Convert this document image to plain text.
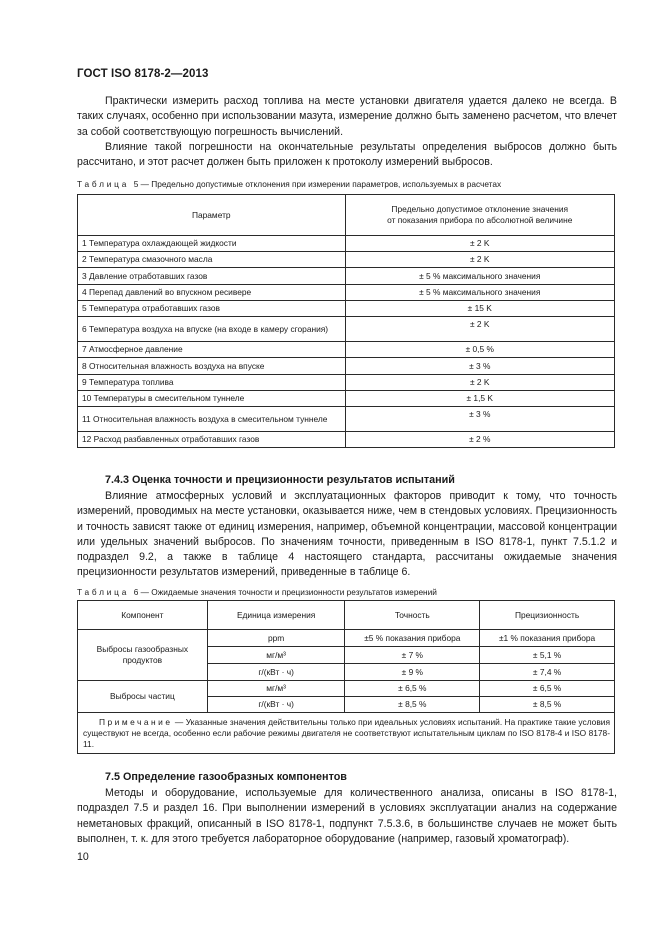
ГОСТ ISO 8178-2—2013

Практически измерить расход топлива на месте установки двигателя удается далеко не всегда. В таких случаях, особенно при использовании мазута, измерение должно быть заменено расчетом, что влечет за собой соответствующую погрешность вычислений.

Влияние такой погрешности на окончательные результаты определения выбросов должно быть рассчитано, и этот расчет должен быть приложен к протоколу измерений выбросов.

Таблица 5 — Предельно допустимые отклонения при измерении параметров, используемых в расчетах
Параметр	Предельно допустимое отклонение значения
от показания прибора по абсолютной величине
1 Температура охлаждающей жидкости	± 2 K
2 Температура смазочного масла	± 2 K
3 Давление отработавших газов	± 5 % максимального значения
4 Перепад давлений во впускном ресивере	± 5 % максимального значения
5 Температура отработавших газов	± 15 K
6 Температура воздуха на впуске (на входе в камеру сгорания)	± 2 K
7 Атмосферное давление	± 0,5 %
8 Относительная влажность воздуха на впуске	± 3 %
9 Температура топлива	± 2 K
10 Температуры в смесительном туннеле	± 1,5 K
11 Относительная влажность воздуха в смесительном туннеле	± 3 %
12 Расход разбавленных отработавших газов	± 2 %
7.4.3 Оценка точности и прецизионности результатов испытаний

Влияние атмосферных условий и эксплуатационных факторов приводит к тому, что точность измерений, проводимых на месте установки, оказывается ниже, чем в стендовых условиях. Прецизионность и точность зависят также от единиц измерения, например, объемной концентрации, массовой концентрации или удельных значений выбросов. По значениям точности, приведенным в ISO 8178-1, пункт 7.5.1.2 и подраздел 9.2, а также в таблице 4 настоящего стандарта, рассчитаны ожидаемые значения прецизионности результатов измерений, приведенные в таблице 6.

Таблица 6 — Ожидаемые значения точности и прецизионности результатов измерений
Компонент	Единица измерения	Точность	Прецизионность
Выбросы газообразных продуктов	ppm	±5 % показания прибора	±1 % показания прибора
	мг/м³	± 7 %	± 5,1 %
	г/(кВт · ч)	± 9 %	± 7,4 %
Выбросы частиц	мг/м³	± 6,5 %	± 6,5 %
	г/(кВт · ч)	± 8,5 %	± 8,5 %
Примечание — Указанные значения действительны только при идеальных условиях испытаний. На практике такие условия существуют не всегда, особенно если рабочие режимы двигателя не соответствуют испытательным циклам по ISO 8178-4 и ISO 8178-11.			
7.5 Определение газообразных компонентов

Методы и оборудование, используемые для количественного анализа, описаны в ISO 8178-1, подраздел 7.5 и раздел 16. При выполнении измерений в условиях эксплуатации анализ на содержание неметановых фракций, описанный в ISO 8178-1, подпункт 7.5.3.6, в большинстве случаев не может быть выполнен, т. к. для этого требуется лабораторное оборудование (например, газовый хроматограф).

10
